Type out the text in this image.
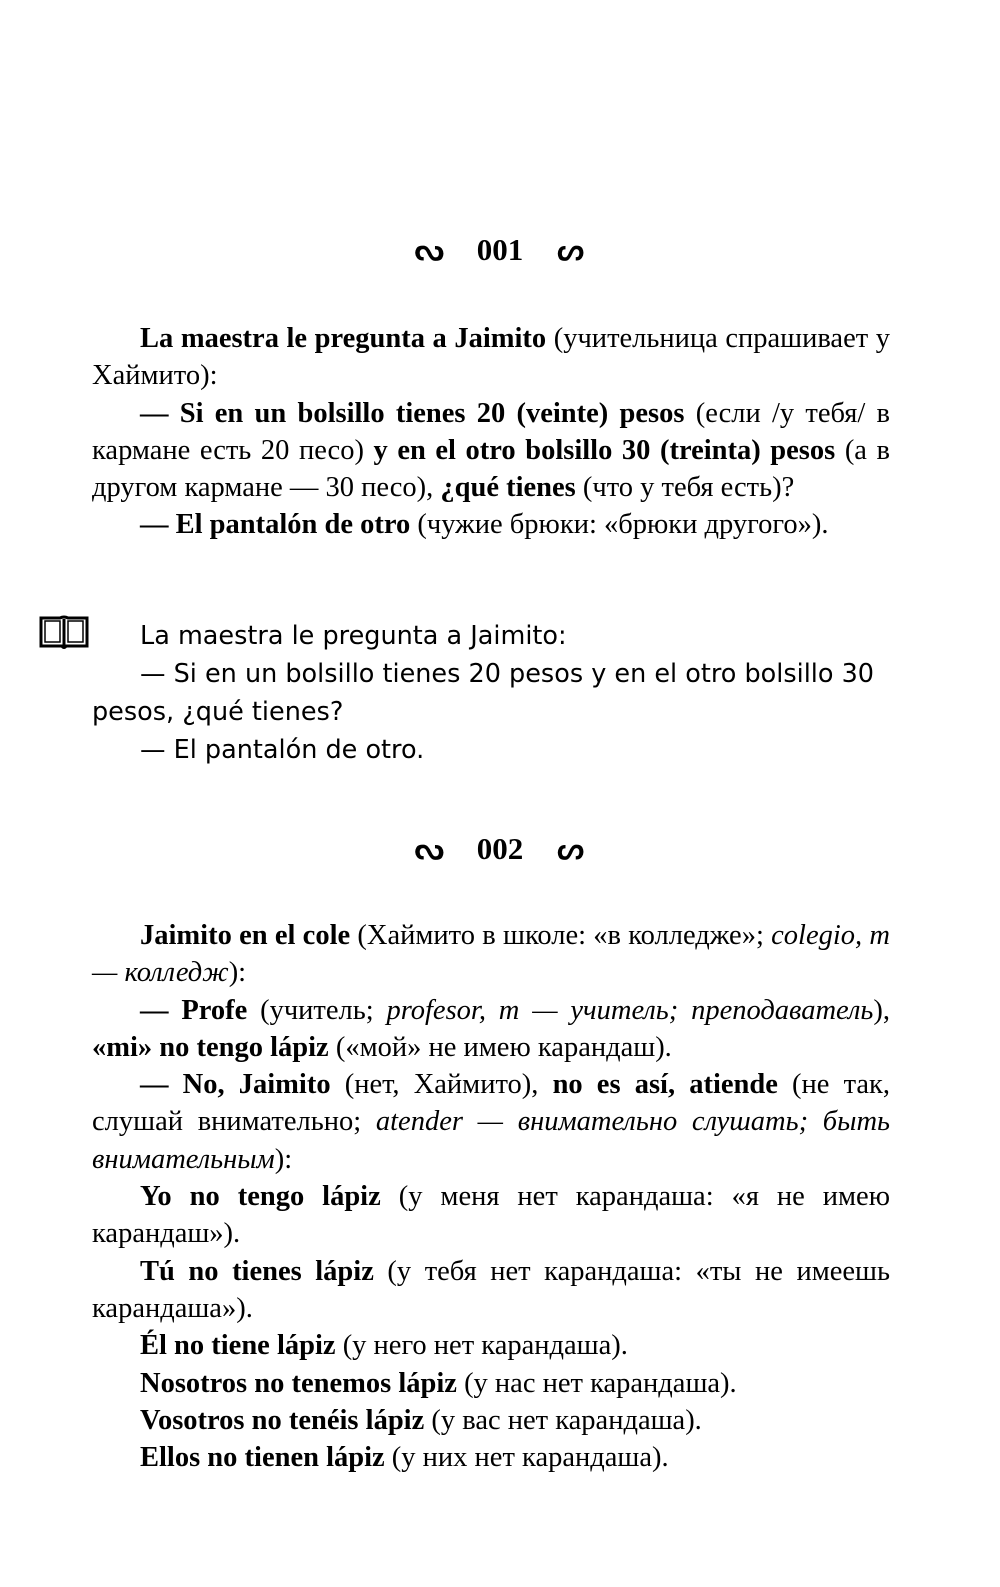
ᔓ 001 ᔕ

La maestra le pregunta a Jaimito (учительница спрашивает у Хаймито):

— Si en un bolsillo tienes 20 (veinte) pesos (если /у тебя/ в кармане есть 20 песо) y en el otro bolsillo 30 (treinta) pesos (а в другом кармане — 30 песо), ¿qué tienes (что у тебя есть)?

— El pantalón de otro (чужие брюки: «брюки другого»).

La maestra le pregunta a Jaimito:

— Si en un bolsillo tienes 20 pesos y en el otro bolsillo 30 pesos, ¿qué tienes?

— El pantalón de otro.

ᔓ 002 ᔕ

Jaimito en el cole (Хаймито в школе: «в колледже»; colegio, m — колледж):

— Profe (учитель; profesor, m — учитель; преподаватель), «mi» no tengo lápiz («мой» не имею карандаш).

— No, Jaimito (нет, Хаймито), no es así, atiende (не так, слушай внимательно; atender — внимательно слушать; быть внимательным):

Yo no tengo lápiz (у меня нет карандаша: «я не имею карандаш»).

Tú no tienes lápiz (у тебя нет карандаша: «ты не имеешь карандаша»).

Él no tiene lápiz (у него нет карандаша).

Nosotros no tenemos lápiz (у нас нет карандаша).

Vosotros no tenéis lápiz (у вас нет карандаша).

Ellos no tienen lápiz (у них нет карандаша).
